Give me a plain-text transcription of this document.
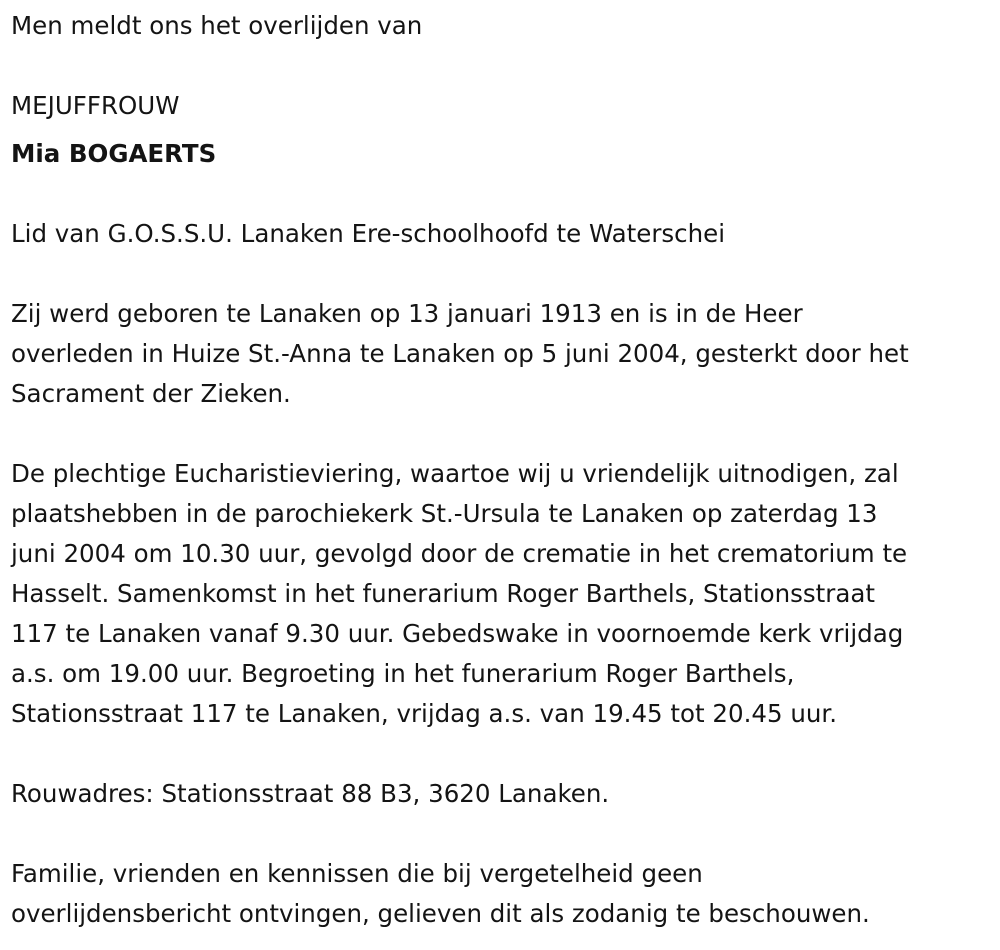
Men meldt ons het overlijden van
MEJUFFROUW
Mia BOGAERTS
Lid van G.O.S.S.U. Lanaken Ere-schoolhoofd te Waterschei
Zij werd geboren te Lanaken op 13 januari 1913 en is in de Heer
overleden in Huize St.-Anna te Lanaken op 5 juni 2004, gesterkt door het
Sacrament der Zieken.
De plechtige Eucharistieviering, waartoe wij u vriendelijk uitnodigen, zal
plaatshebben in de parochiekerk St.-Ursula te Lanaken op zaterdag 13
juni 2004 om 10.30 uur, gevolgd door de crematie in het crematorium te
Hasselt. Samenkomst in het funerarium Roger Barthels, Stationsstraat
117 te Lanaken vanaf 9.30 uur. Gebedswake in voornoemde kerk vrijdag
a.s. om 19.00 uur. Begroeting in het funerarium Roger Barthels,
Stationsstraat 117 te Lanaken, vrijdag a.s. van 19.45 tot 20.45 uur.
Rouwadres: Stationsstraat 88 B3, 3620 Lanaken.
Familie, vrienden en kennissen die bij vergetelheid geen
overlijdensbericht ontvingen, gelieven dit als zodanig te beschouwen.
